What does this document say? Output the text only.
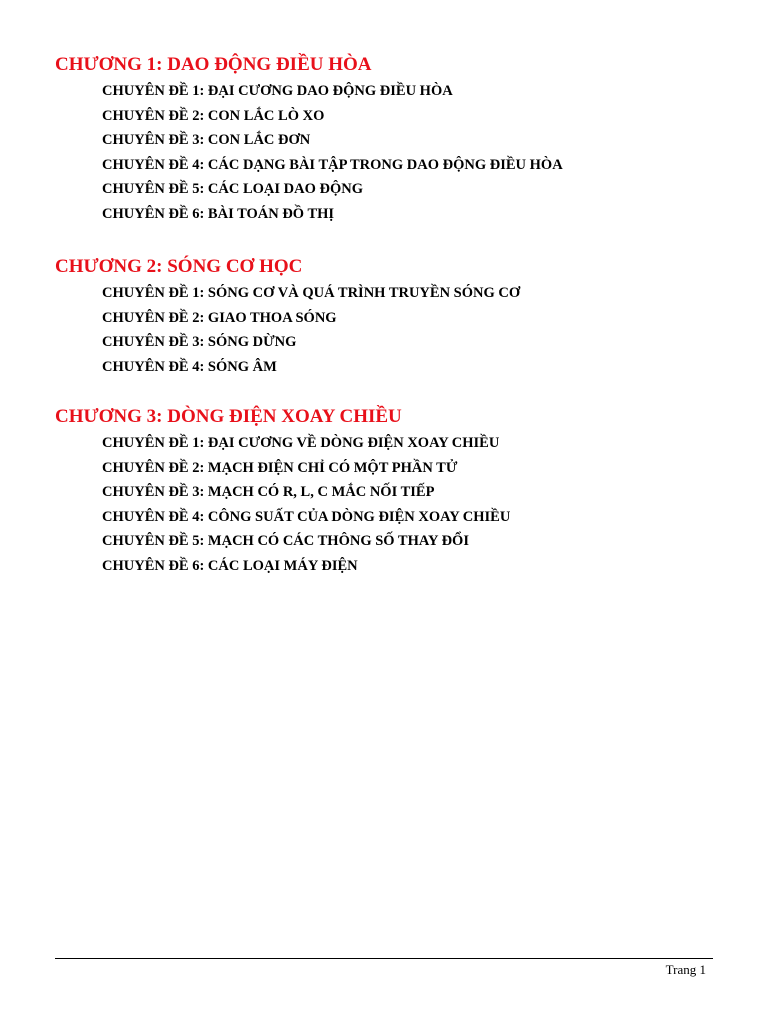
CHƯƠNG 1: DAO ĐỘNG ĐIỀU HÒA
CHUYÊN ĐỀ 1: ĐẠI CƯƠNG DAO ĐỘNG ĐIỀU HÒA
CHUYÊN ĐỀ 2: CON LẮC LÒ XO
CHUYÊN ĐỀ 3: CON LẮC ĐƠN
CHUYÊN ĐỀ 4: CÁC DẠNG BÀI TẬP TRONG DAO ĐỘNG ĐIỀU HÒA
CHUYÊN ĐỀ 5: CÁC LOẠI DAO ĐỘNG
CHUYÊN ĐỀ 6: BÀI TOÁN ĐỒ THỊ
CHƯƠNG 2: SÓNG CƠ HỌC
CHUYÊN ĐỀ 1: SÓNG CƠ VÀ QUÁ TRÌNH TRUYỀN SÓNG CƠ
CHUYÊN ĐỀ 2: GIAO THOA SÓNG
CHUYÊN ĐỀ 3: SÓNG DỪNG
CHUYÊN ĐỀ 4: SÓNG ÂM
CHƯƠNG 3: DÒNG ĐIỆN XOAY CHIỀU
CHUYÊN ĐỀ 1: ĐẠI CƯƠNG VỀ DÒNG ĐIỆN XOAY CHIỀU
CHUYÊN ĐỀ 2: MẠCH ĐIỆN CHỈ CÓ MỘT PHẦN TỬ
CHUYÊN ĐỀ 3: MẠCH CÓ R, L, C MẮC NỐI TIẾP
CHUYÊN ĐỀ 4: CÔNG SUẤT CỦA DÒNG ĐIỆN XOAY CHIỀU
CHUYÊN ĐỀ 5: MẠCH CÓ CÁC THÔNG SỐ THAY ĐỔI
CHUYÊN ĐỀ 6: CÁC LOẠI MÁY ĐIỆN
Trang 1
